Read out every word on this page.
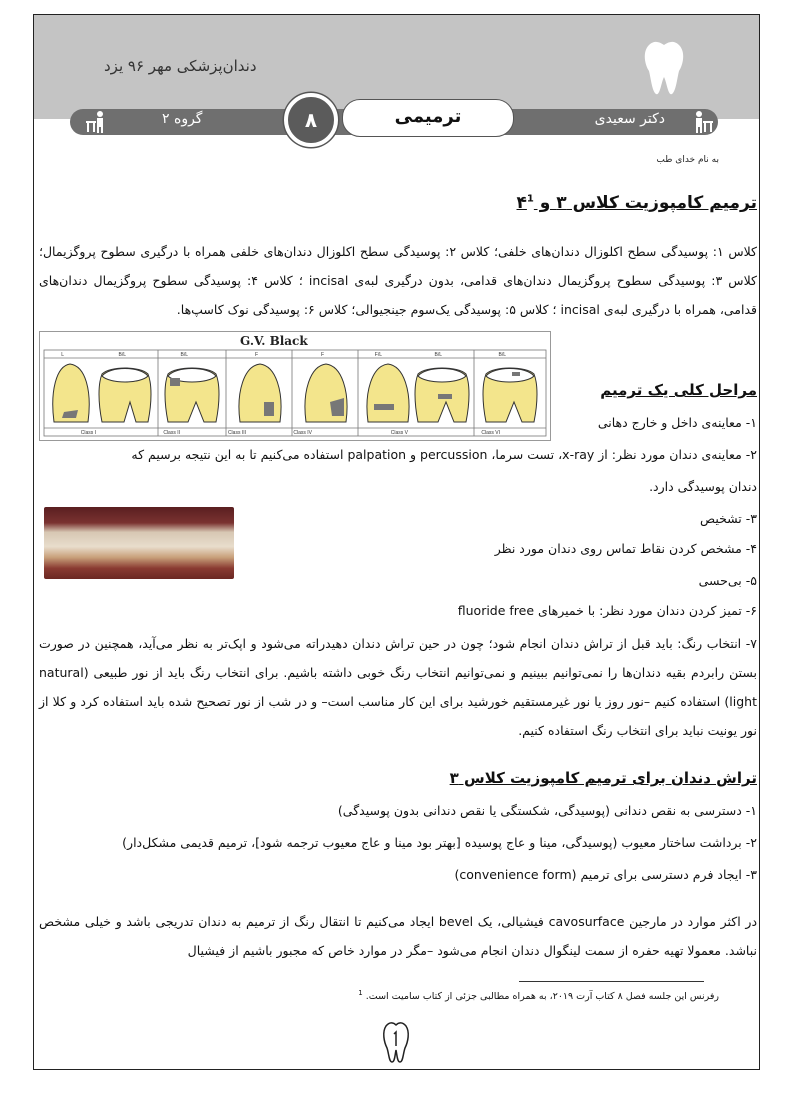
دندان‌پزشکی مهر ۹۶ یزد
دکتر سعیدی
گروه ۲	۸	ترمیمی
به نام خدای طب
ترمیم کامپوزیت کلاس ۳ و $۴^1$
کلاس ۱: پوسیدگی سطح اکلوزال دندان‌های خلفی؛ کلاس ۲: پوسیدگی سطح اکلوزال دندان‌های خلفی همراه با درگیری سطوح پروگزیمال؛ کلاس ۳: پوسیدگی سطوح پروگزیمال دندان‌های قدامی، بدون درگیری لبه‌ی incisal ؛ کلاس ۴: پوسیدگی سطوح پروگزیمال دندان‌های قدامی، همراه با درگیری لبه‌ی incisal ؛ کلاس ۵: پوسیدگی یک‌سوم جینجیوالی؛ کلاس ۶: پوسیدگی نوک کاسپ‌ها.
G.V. Black
L	B/L	B/L	F	F	F/L	B/L	B/L
Class I	Class II	Class III	Class IV	Class V	Class VI
مراحل کلی یک ترمیم
۱- معاینه‌ی داخل و خارج دهانی
۲- معاینه‌ی دندان مورد نظر: از x-ray، تست سرما، percussion و palpation استفاده می‌کنیم تا به این نتیجه برسیم که
دندان پوسیدگی دارد.
۳- تشخیص
۴- مشخص کردن نقاط تماس روی دندان مورد نظر
۵- بی‌حسی
۶- تمیز کردن دندان مورد نظر: با خمیرهای fluoride free
۷- انتخاب رنگ: باید قبل از تراش دندان انجام شود؛ چون در حین تراش دندان دهیدراته می‌شود و اپک‌تر به نظر می‌آید، همچنین در صورت بستن رابردم بقیه دندان‌ها را نمی‌توانیم ببینیم و نمی‌توانیم انتخاب رنگ خوبی داشته باشیم. برای انتخاب رنگ باید از نور طبیعی (natural light) استفاده کنیم –نور روز یا نور غیرمستقیم خورشید برای این کار مناسب است– و در شب از نور تصحیح شده باید استفاده کرد و کلا از نور یونیت نباید برای انتخاب رنگ استفاده کنیم.
تراش دندان برای ترمیم کامپوزیت کلاس ۳
۱- دسترسی به نقص دندانی (پوسیدگی، شکستگی یا نقص دندانی بدون پوسیدگی)
۲- برداشت ساختار معیوب (پوسیدگی، مینا و عاج پوسیده [بهتر بود مینا و عاج معیوب ترجمه شود]، ترمیم قدیمی مشکل‌دار)
۳- ایجاد فرم دسترسی برای ترمیم (convenience form)
در اکثر موارد در مارجین cavosurface فیشیالی، یک bevel ایجاد می‌کنیم تا انتقال رنگ از ترمیم به دندان تدریجی باشد و خیلی مشخص نباشد. معمولا تهیه حفره از سمت لینگوال دندان انجام می‌شود –مگر در موارد خاص که مجبور باشیم از فیشیال
رفرنس این جلسه فصل ۸ کتاب آرت ۲۰۱۹، به همراه مطالبی جزئی از کتاب سامیت است. $^1$
